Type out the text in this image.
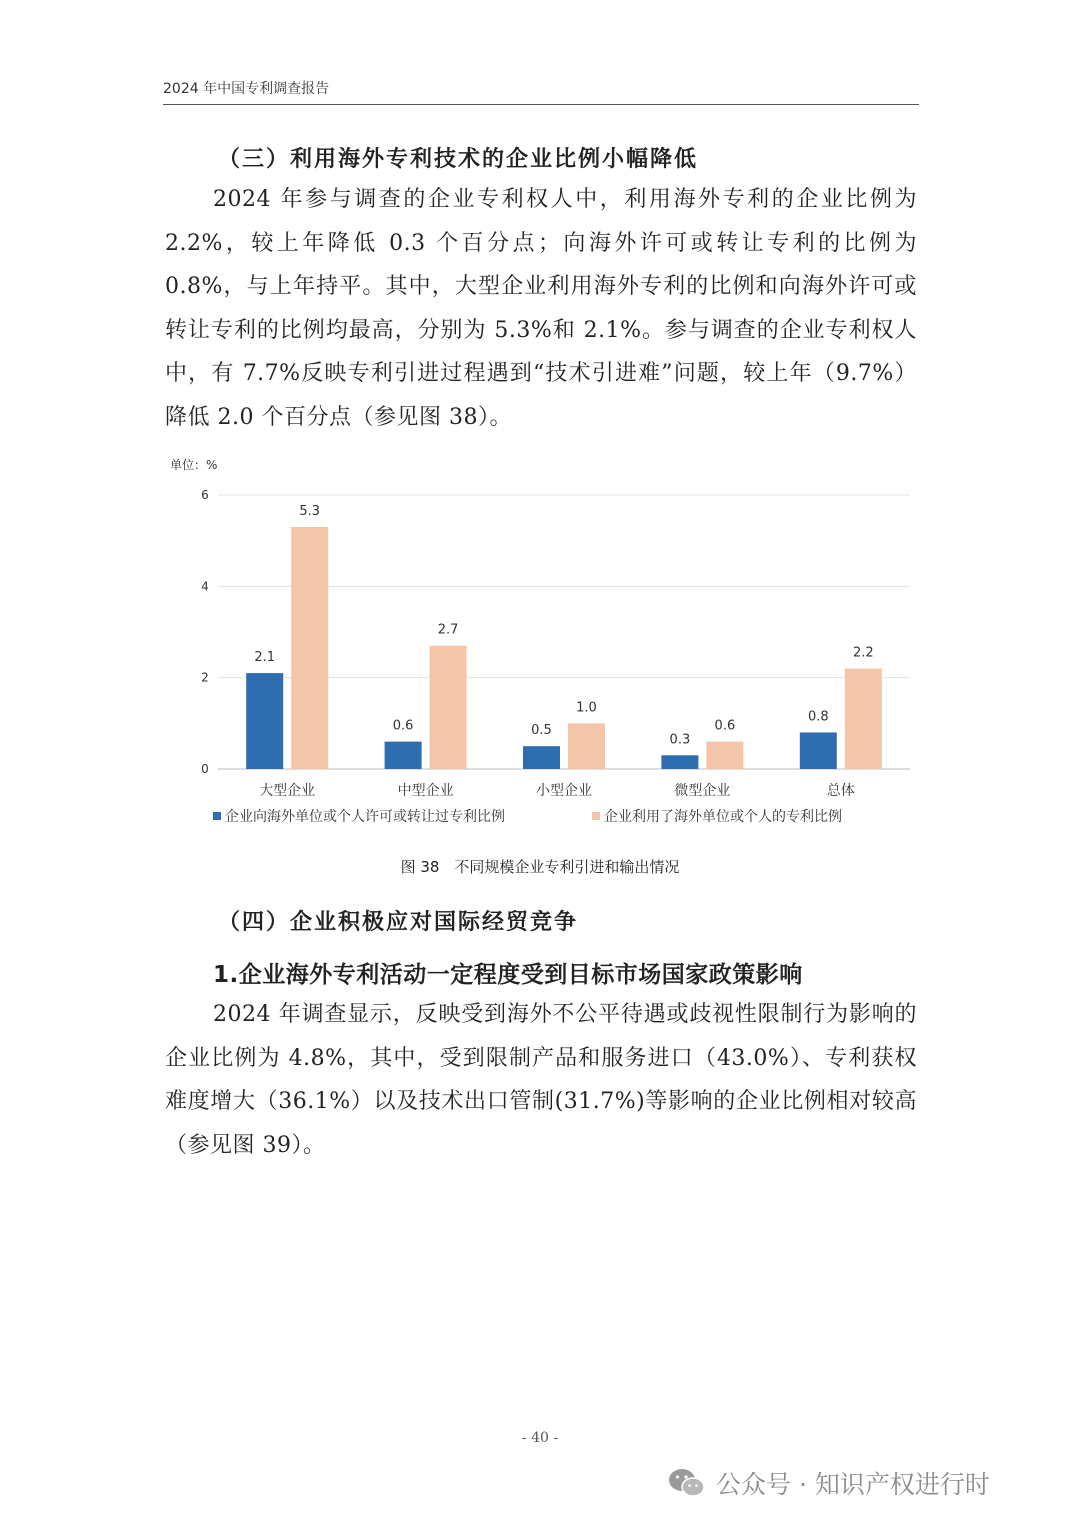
2024 年中国专利调查报告
（三）利用海外专利技术的企业比例小幅降低
2024 年参与调查的企业专利权人中，利用海外专利的企业比例为 2.2%，较上年降低 0.3 个百分点；向海外许可或转让专利的比例为 0.8%，与上年持平。其中，大型企业利用海外专利的比例和向海外许可或转让专利的比例均最高，分别为 5.3%和 2.1%。参与调查的企业专利权人中，有 7.7%反映专利引进过程遇到“技术引进难”问题，较上年（9.7%）降低 2.0 个百分点（参见图 38）。
单位：%
0
2
4
6
2.1
5.3
大型企业
0.6
2.7
中型企业
0.5
1.0
小型企业
0.3
0.6
微型企业
0.8
2.2
总体
企业向海外单位或个人许可或转让过专利比例	企业利用了海外单位或个人的专利比例
图 38　不同规模企业专利引进和输出情况
（四）企业积极应对国际经贸竞争
1.企业海外专利活动一定程度受到目标市场国家政策影响
2024 年调查显示，反映受到海外不公平待遇或歧视性限制行为影响的企业比例为 4.8%，其中，受到限制产品和服务进口（43.0%）、专利获权难度增大（36.1%）以及技术出口管制(31.7%)等影响的企业比例相对较高（参见图 39）。
- 40 -
公众号 · 知识产权进行时
